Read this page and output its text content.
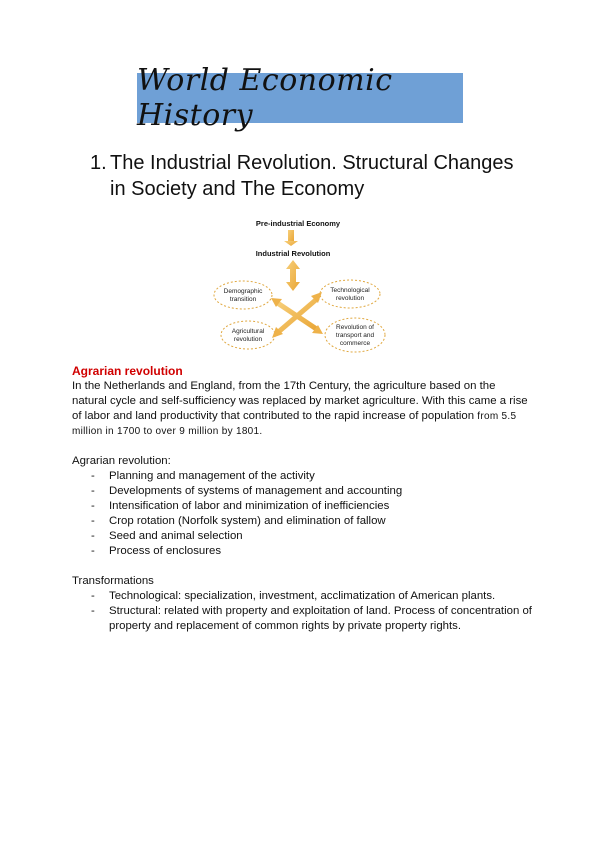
World Economic History
1. The Industrial Revolution. Structural Changes in Society and The Economy
Pre-industrial Economy
Industrial Revolution
Demographic
transition
Technological
revolution
Agricultural
revolution
Revolution of
transport and
commerce
Agrarian revolution

In the Netherlands and England, from the 17th Century, the agriculture based on the natural cycle and self-sufficiency was replaced by market agriculture. With this came a rise of labor and land productivity that contributed to the rapid increase of population from 5.5 million in 1700 to over 9 million by 1801.

Agrarian revolution:
- Planning and management of the activity
- Developments of systems of management and accounting
- Intensification of labor and minimization of inefficiencies
- Crop rotation (Norfolk system) and elimination of fallow
- Seed and animal selection
- Process of enclosures
Transformations
- Technological: specialization, investment, acclimatization of American plants.
- Structural: related with property and exploitation of land. Process of concentration of property and replacement of common rights by private property rights.
